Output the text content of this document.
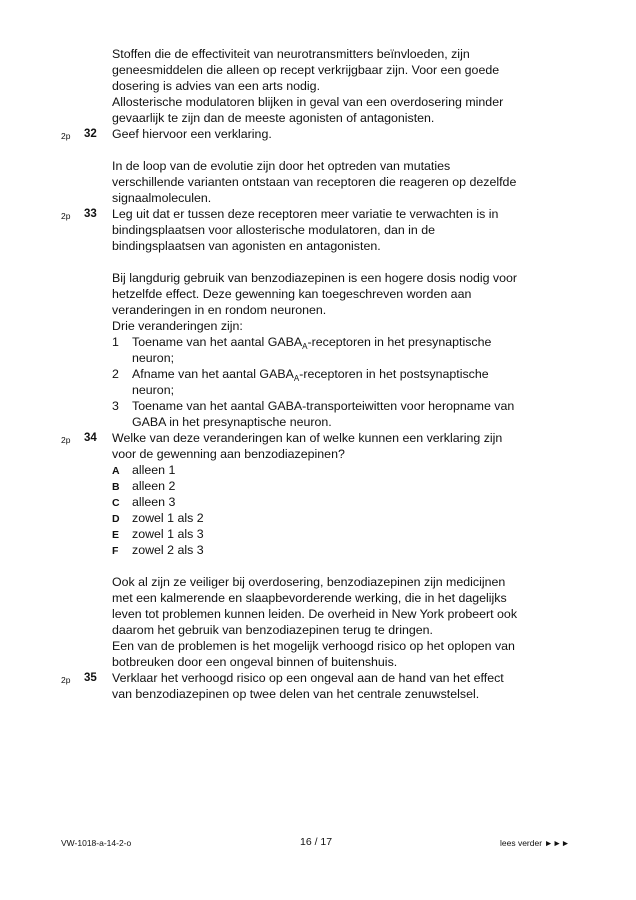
Stoffen die de effectiviteit van neurotransmitters beïnvloeden, zijn
geneesmiddelen die alleen op recept verkrijgbaar zijn. Voor een goede
dosering is advies van een arts nodig.
Allosterische modulatoren blijken in geval van een overdosering minder
gevaarlijk te zijn dan de meeste agonisten of antagonisten.
2p 32 Geef hiervoor een verklaring.
In de loop van de evolutie zijn door het optreden van mutaties
verschillende varianten ontstaan van receptoren die reageren op dezelfde
signaalmoleculen.
2p 33 Leg uit dat er tussen deze receptoren meer variatie te verwachten is in
bindingsplaatsen voor allosterische modulatoren, dan in de
bindingsplaatsen van agonisten en antagonisten.
Bij langdurig gebruik van benzodiazepinen is een hogere dosis nodig voor
hetzelfde effect. Deze gewenning kan toegeschreven worden aan
veranderingen in en rondom neuronen.
Drie veranderingen zijn:
1 Toename van het aantal $GABA_A$-receptoren in het presynaptische
neuron;
2 Afname van het aantal $GABA_A$-receptoren in het postsynaptische
neuron;
3 Toename van het aantal GABA-transporteiwitten voor heropname van
GABA in het presynaptische neuron.
2p 34 Welke van deze veranderingen kan of welke kunnen een verklaring zijn
voor de gewenning aan benzodiazepinen?
A alleen 1
B alleen 2
C alleen 3
D zowel 1 als 2
E zowel 1 als 3
F zowel 2 als 3
Ook al zijn ze veiliger bij overdosering, benzodiazepinen zijn medicijnen
met een kalmerende en slaapbevorderende werking, die in het dagelijks
leven tot problemen kunnen leiden. De overheid in New York probeert ook
daarom het gebruik van benzodiazepinen terug te dringen.
Een van de problemen is het mogelijk verhoogd risico op het oplopen van
botbreuken door een ongeval binnen of buitenshuis.
2p 35 Verklaar het verhoogd risico op een ongeval aan de hand van het effect
van benzodiazepinen op twee delen van het centrale zenuwstelsel.
VW-1018-a-14-2-o	16 / 17	lees verder ►►►
